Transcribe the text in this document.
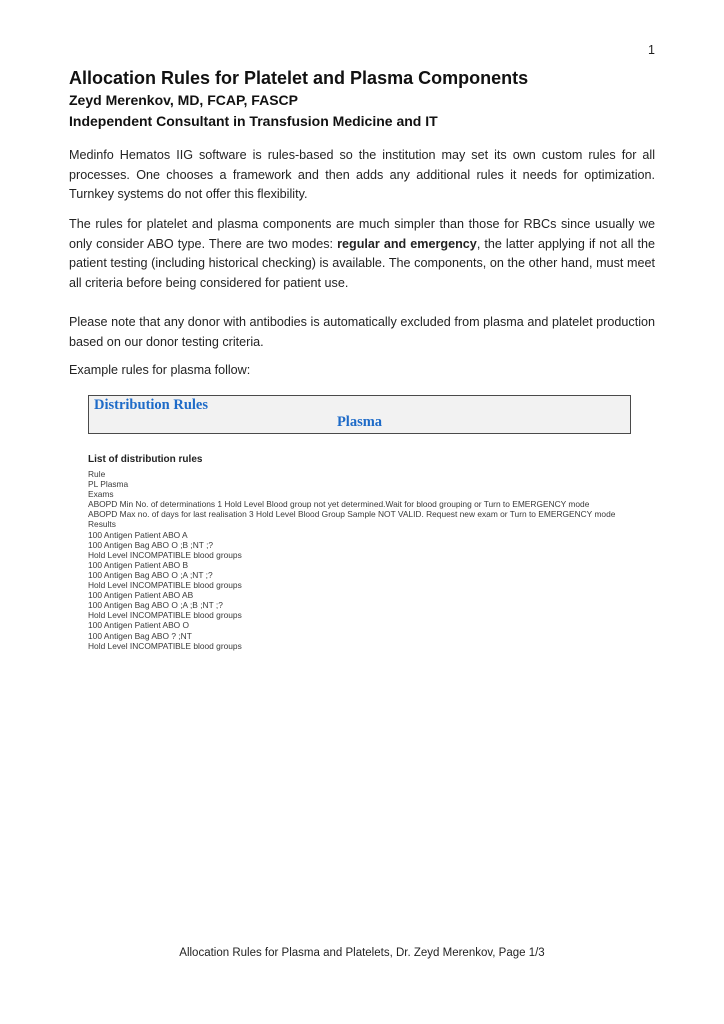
1
Allocation Rules for Platelet and Plasma Components
Zeyd Merenkov, MD, FCAP, FASCP
Independent Consultant in Transfusion Medicine and IT

Medinfo Hematos IIG software is rules-based so the institution may set its own custom rules for all processes. One chooses a framework and then adds any additional rules it needs for optimization. Turnkey systems do not offer this flexibility.

The rules for platelet and plasma components are much simpler than those for RBCs since usually we only consider ABO type. There are two modes: regular and emergency, the latter applying if not all the patient testing (including historical checking) is available. The components, on the other hand, must meet all criteria before being considered for patient use.

Please note that any donor with antibodies is automatically excluded from plasma and platelet production based on our donor testing criteria.

Example rules for plasma follow:

Distribution Rules
Plasma
List of distribution rules
Rule
PL Plasma
Exams
ABOPD Min No. of determinations 1 Hold Level Blood group not yet determined.Wait for blood grouping or Turn to EMERGENCY mode
ABOPD Max no. of days for last realisation 3 Hold Level Blood Group Sample NOT VALID. Request new exam or Turn to EMERGENCY mode
Results
100 Antigen Patient ABO A
100 Antigen Bag ABO O ;B ;NT ;?
Hold Level INCOMPATIBLE blood groups
100 Antigen Patient ABO B
100 Antigen Bag ABO O ;A ;NT ;?
Hold Level INCOMPATIBLE blood groups
100 Antigen Patient ABO AB
100 Antigen Bag ABO O ;A ;B ;NT ;?
Hold Level INCOMPATIBLE blood groups
100 Antigen Patient ABO O
100 Antigen Bag ABO ? ;NT
Hold Level INCOMPATIBLE blood groups
Allocation Rules for Plasma and Platelets, Dr. Zeyd Merenkov, Page 1/3
